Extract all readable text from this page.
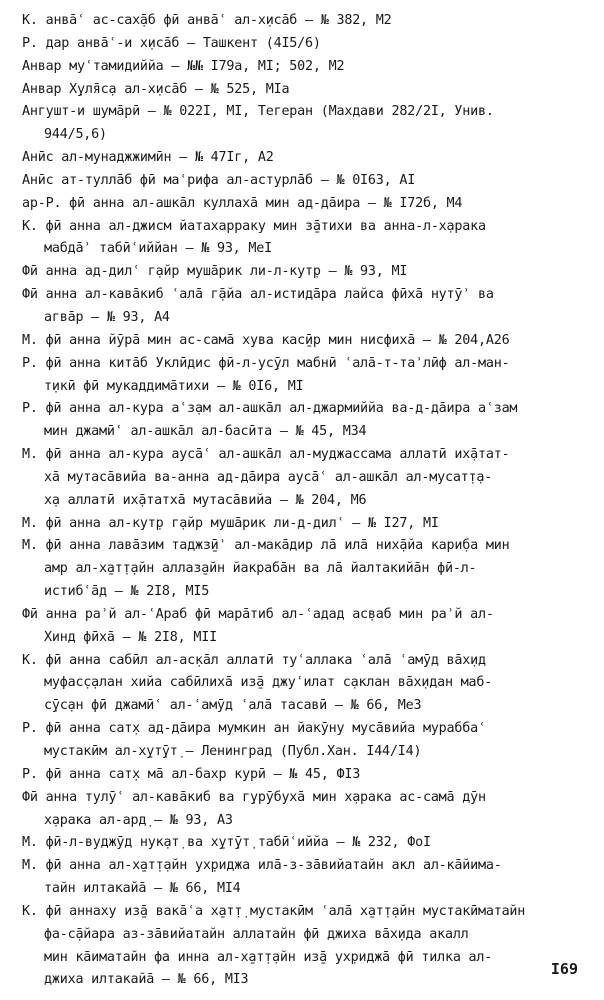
К. анва̄ʿ ас-сах̣а̄б фӣ анва̄ʿ ал-х̣иса̄б – № 382, М2
Р. дар анва̄ʿ-и х̣иса̄б – Ташкент (4I5/6)
Анвар муʿтамидиййа – №№ I79а, МI; 502, М2
Анвар Х̣уля̄с̣а ал-х̣иса̄б – № 525, МIа
Ангушт-и шума̄рӣ – № 022I, МI, Тегеран (Махдави 282/2I, Унив.
944/5,6)
Анӣс ал-мунаджжимӣн – № 47Iг, А2
Анӣс ат-тулла̄б фӣ маʿрифа ал-астурла̄б – № 0I63, АI
ар-Р. фӣ анна ал-ашка̄л куллаха̄ мин ад-да̄ира – № I72б, М4
К. фӣ анна ал-джисм йатахарраку мин з̱а̄тихи ва анна-л-х̣арака
мабда̄ʾ табӣʿиййан – № 93, МеI
Фӣ анна ад-дилʿ г̣айр муша̄рик ли-л-кут̣р – № 93, МI
Фӣ анна ал-кава̄киб ʿала̄ г̣а̄йа ал-истида̄ра лайса фӣха̄ нутӯʾ ва
агва̄р – № 93, А4
М. фӣ анна йӯра̄ мин ас-сама̄ хува кас̱ӣр мин нис̣фиха̄ – № 204,А26
Р. фӣ анна кита̄б Уклӣдис фӣ-л-ус̣ӯл мабнӣ ʿала̄-т-таʾлӣф ал-ман-
т̣икӣ фӣ мукаддима̄тихи – № 0I6, МI
Р. фӣ анна ал-кура аʿз̣ам ал-ашка̄л ал-джармиййа ва-д-да̄ира аʿзам
мин джамӣʿ ал-ашка̄л ал-басӣта – № 45, М34
М. фӣ анна ал-кура ауса̄ʿ ал-ашка̄л ал-муджассама аллатӣ их̣а̄тат-
ха̄ мутаса̄вийа ва-анна ад-да̄ира ауса̄ʿ ал-ашка̄л ал-мусат̣т̣а-
х̣а аллатӣ их̣а̄татха̄ мутаса̄вийа – № 204, М6
М. фӣ анна ал-кут̣р г̣айр муша̄рик ли-д-дилʿ – № I27, МI
М. фӣ анна лава̄зим таджз̱ӣʾ ал-мака̄дир ла̄ ила̄ них̣а̄йа кари̣ба мин
амр ал-х̱ат̣т̣айн аллаз̱айн йакраба̄н ва ла̄ йалтакийа̄н фӣ-л-
истибʿа̄д – № 2I8, МI5
Фӣ анна раʾй ал-ʿАраб фӣ мара̄тиб ал-ʿадад ас̣ваб мин раʾй ал-
Хинд фӣха̄ – № 2I8, МII
К. фӣ анна сабӣл ал-ас̣ка̄л аллатӣ туʿаллака ʿала̄ ʿамӯд ва̄х̣ид
муфас̣с̣алан хийа сабӣлиха̄ из̱а̄ джуʿилат с̣аклан ва̄х̣идан маб-
с̣ӯс̣ан фӣ джамӣʿ ал-ʿамӯд ʿала̄ тасавӣ – № 66, Ме3
Р. фӣ анна сат̣х ад-да̄ира мумкин ан йакӯну муса̄вийа мураббаʿ
мустакӣм ал-х̱ут̣ӯт̣ – Ленинград (Публ.Хан. I44/I4)
Р. фӣ анна сат̣х ма̄ ал-бахр курӣ – № 45, ФI3
Фӣ анна тулӯʿ ал-кава̄киб ва г̣урӯбуха̄ мин х̣арака ас-сама̄ дӯн
х̣арака ал-ард̣ – № 93, А3
М. фӣ-л-вуджӯд нук̣ат̣ ва х̱ут̣ӯт̣ табӣʿиййа – № 232, ФоI
М. фӣ анна ал-х̱ат̣т̣айн ух̣риджа ила̄-з-за̄вийатайн акл ал-ка̄йима-
тайн илтакайа̄ – № 66, МI4
К. фӣ аннаху из̱а̄ вака̄ʿа х̱ат̣т̣ мустакӣм ʿала̄ х̱ат̣т̣айн мустакӣматайн
фа-с̣а̄йара аз-за̄вийатайн аллатайн фӣ джиха ва̄х̣ида акалл
мин ка̄иматайн фа инна ал-х̱ат̣т̣айн из̱а̄ ух̣риджа̄ фӣ тилка ал-
джиха илтакайа̄ – № 66, МI3
I69
